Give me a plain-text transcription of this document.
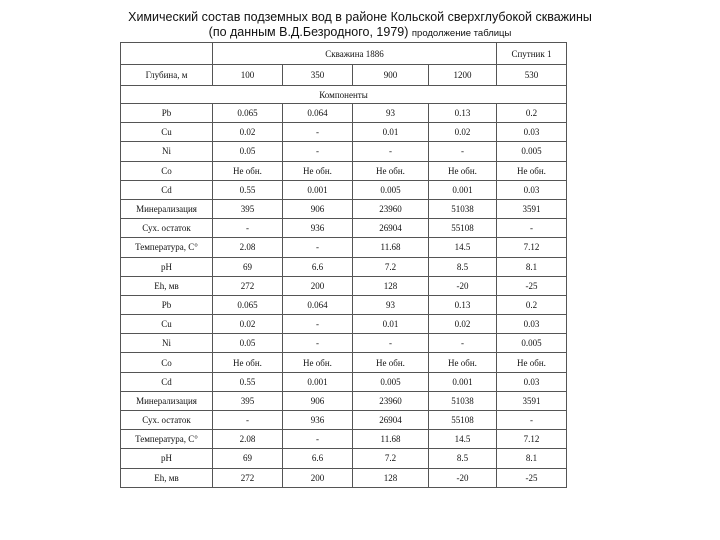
Химический состав подземных вод в районе Кольской сверхглубокой скважины
(по данным В.Д.Безродного, 1979) продолжение таблицы
	Скважина 1886				Спутник 1
Глубина, м	100	350	900	1200	530
Компоненты					
Pb	0.065	0.064	93	0.13	0.2
Cu	0.02	-	0.01	0.02	0.03
Ni	0.05	-	-	-	0.005
Co	Не обн.	Не обн.	Не обн.	Не обн.	Не обн.
Cd	0.55	0.001	0.005	0.001	0.03
Минерализация	395	906	23960	51038	3591
Сух. остаток	-	936	26904	55108	-
Температура, С°	2.08	-	11.68	14.5	7.12
pH	69	6.6	7.2	8.5	8.1
Eh, мв	272	200	128	-20	-25
Pb	0.065	0.064	93	0.13	0.2
Cu	0.02	-	0.01	0.02	0.03
Ni	0.05	-	-	-	0.005
Co	Не обн.	Не обн.	Не обн.	Не обн.	Не обн.
Cd	0.55	0.001	0.005	0.001	0.03
Минерализация	395	906	23960	51038	3591
Сух. остаток	-	936	26904	55108	-
Температура, С°	2.08	-	11.68	14.5	7.12
pH	69	6.6	7.2	8.5	8.1
Eh, мв	272	200	128	-20	-25
